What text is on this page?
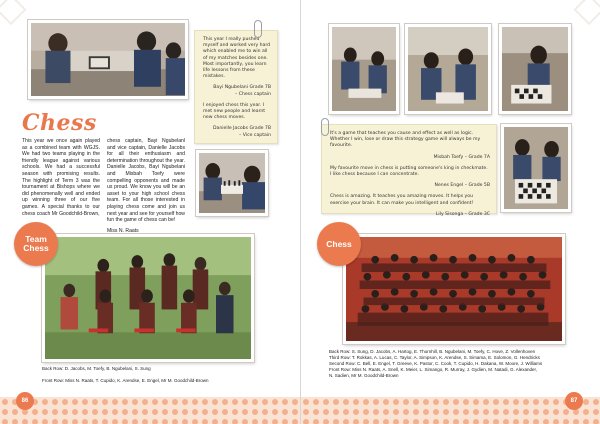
Chess

This year we once again played as a combined team with WGJS. We had two teams playing in the friendly league against various schools. We had a successful season with promising results. The highlight of Term 3 was the tournament at Bishops where we did phenomenally well and ended up winning three of our five games. A special thanks to our chess coach Mr Goodchild-Brown,

chess captain, Bayi Ngubelanl and vice captain, Danielle Jacobs for all their enthusiasm and determination throughout the year. Danielle Jacobs, Bayi Ngubelani and Misbah Toefy were compelling opponents and made us proud. We know you will be an asset to your high school chess team. For all those interested in playing chess come and join us next year and see for yourself how fun the game of chess can be!

Miss N. Raats

This year I really pushed myself and worked very hard which enabled me to win all of my matches besides one. Most importantly, you learn life lessons from these mistakes.

Bayi Ngubelani Grade 7B
– Chess captain

I enjoyed chess this year. I met new people and learnt new chess moves.

Danielle Jacobs Grade 7B
– Vice captain

Team Chess
Back Row: D. Jacobs, M. Toefy, B. Ngubelani, S. Sung
Front Row: Miss N. Raats, T. Cupido, K. Arendse, E. Engel, Mr M. Goodchild-Brown
86

It's a game that teaches you cause and effect as well as logic. Whether I win, lose or draw this strategy game will always be my favourite.

Misbah Toefy – Grade 7A

My favourite move in chess is putting someone's king in checkmate. I like chess because I can concentrate.

Nenes Engel – Grade 5B

Chess is amazing. It teaches you amazing moves. It helps you exercise your brain. It can make you intelligent and confident!

Lily Sisonga – Grade 3C

Chess
Back Row: S. Sung, D. Jacobs, A. Hartog, E. Thornhill, B. Ngubelani, M. Toefy, C. Hove, Z. Vollenhoven
Third Row: T. Rokkas, A. Lucas, C. Taylor, A. Simpson, K. Arendse, S. Simama, E. Solomon, G. Hendricks
Second Row: C. Bell, E. Engel, T. Greeve, K. Pastor, C. Cook, T. Cupido, H. Dakana, W. Moore, J. Williams
Front Row: Miss N. Raats, A. Snell, K. Meier, L. Simango, R. Murray, J. Gydien, M. Natadi, G. Alexander,
N. Sadien, Mr M. Goodchild-Brown
87
